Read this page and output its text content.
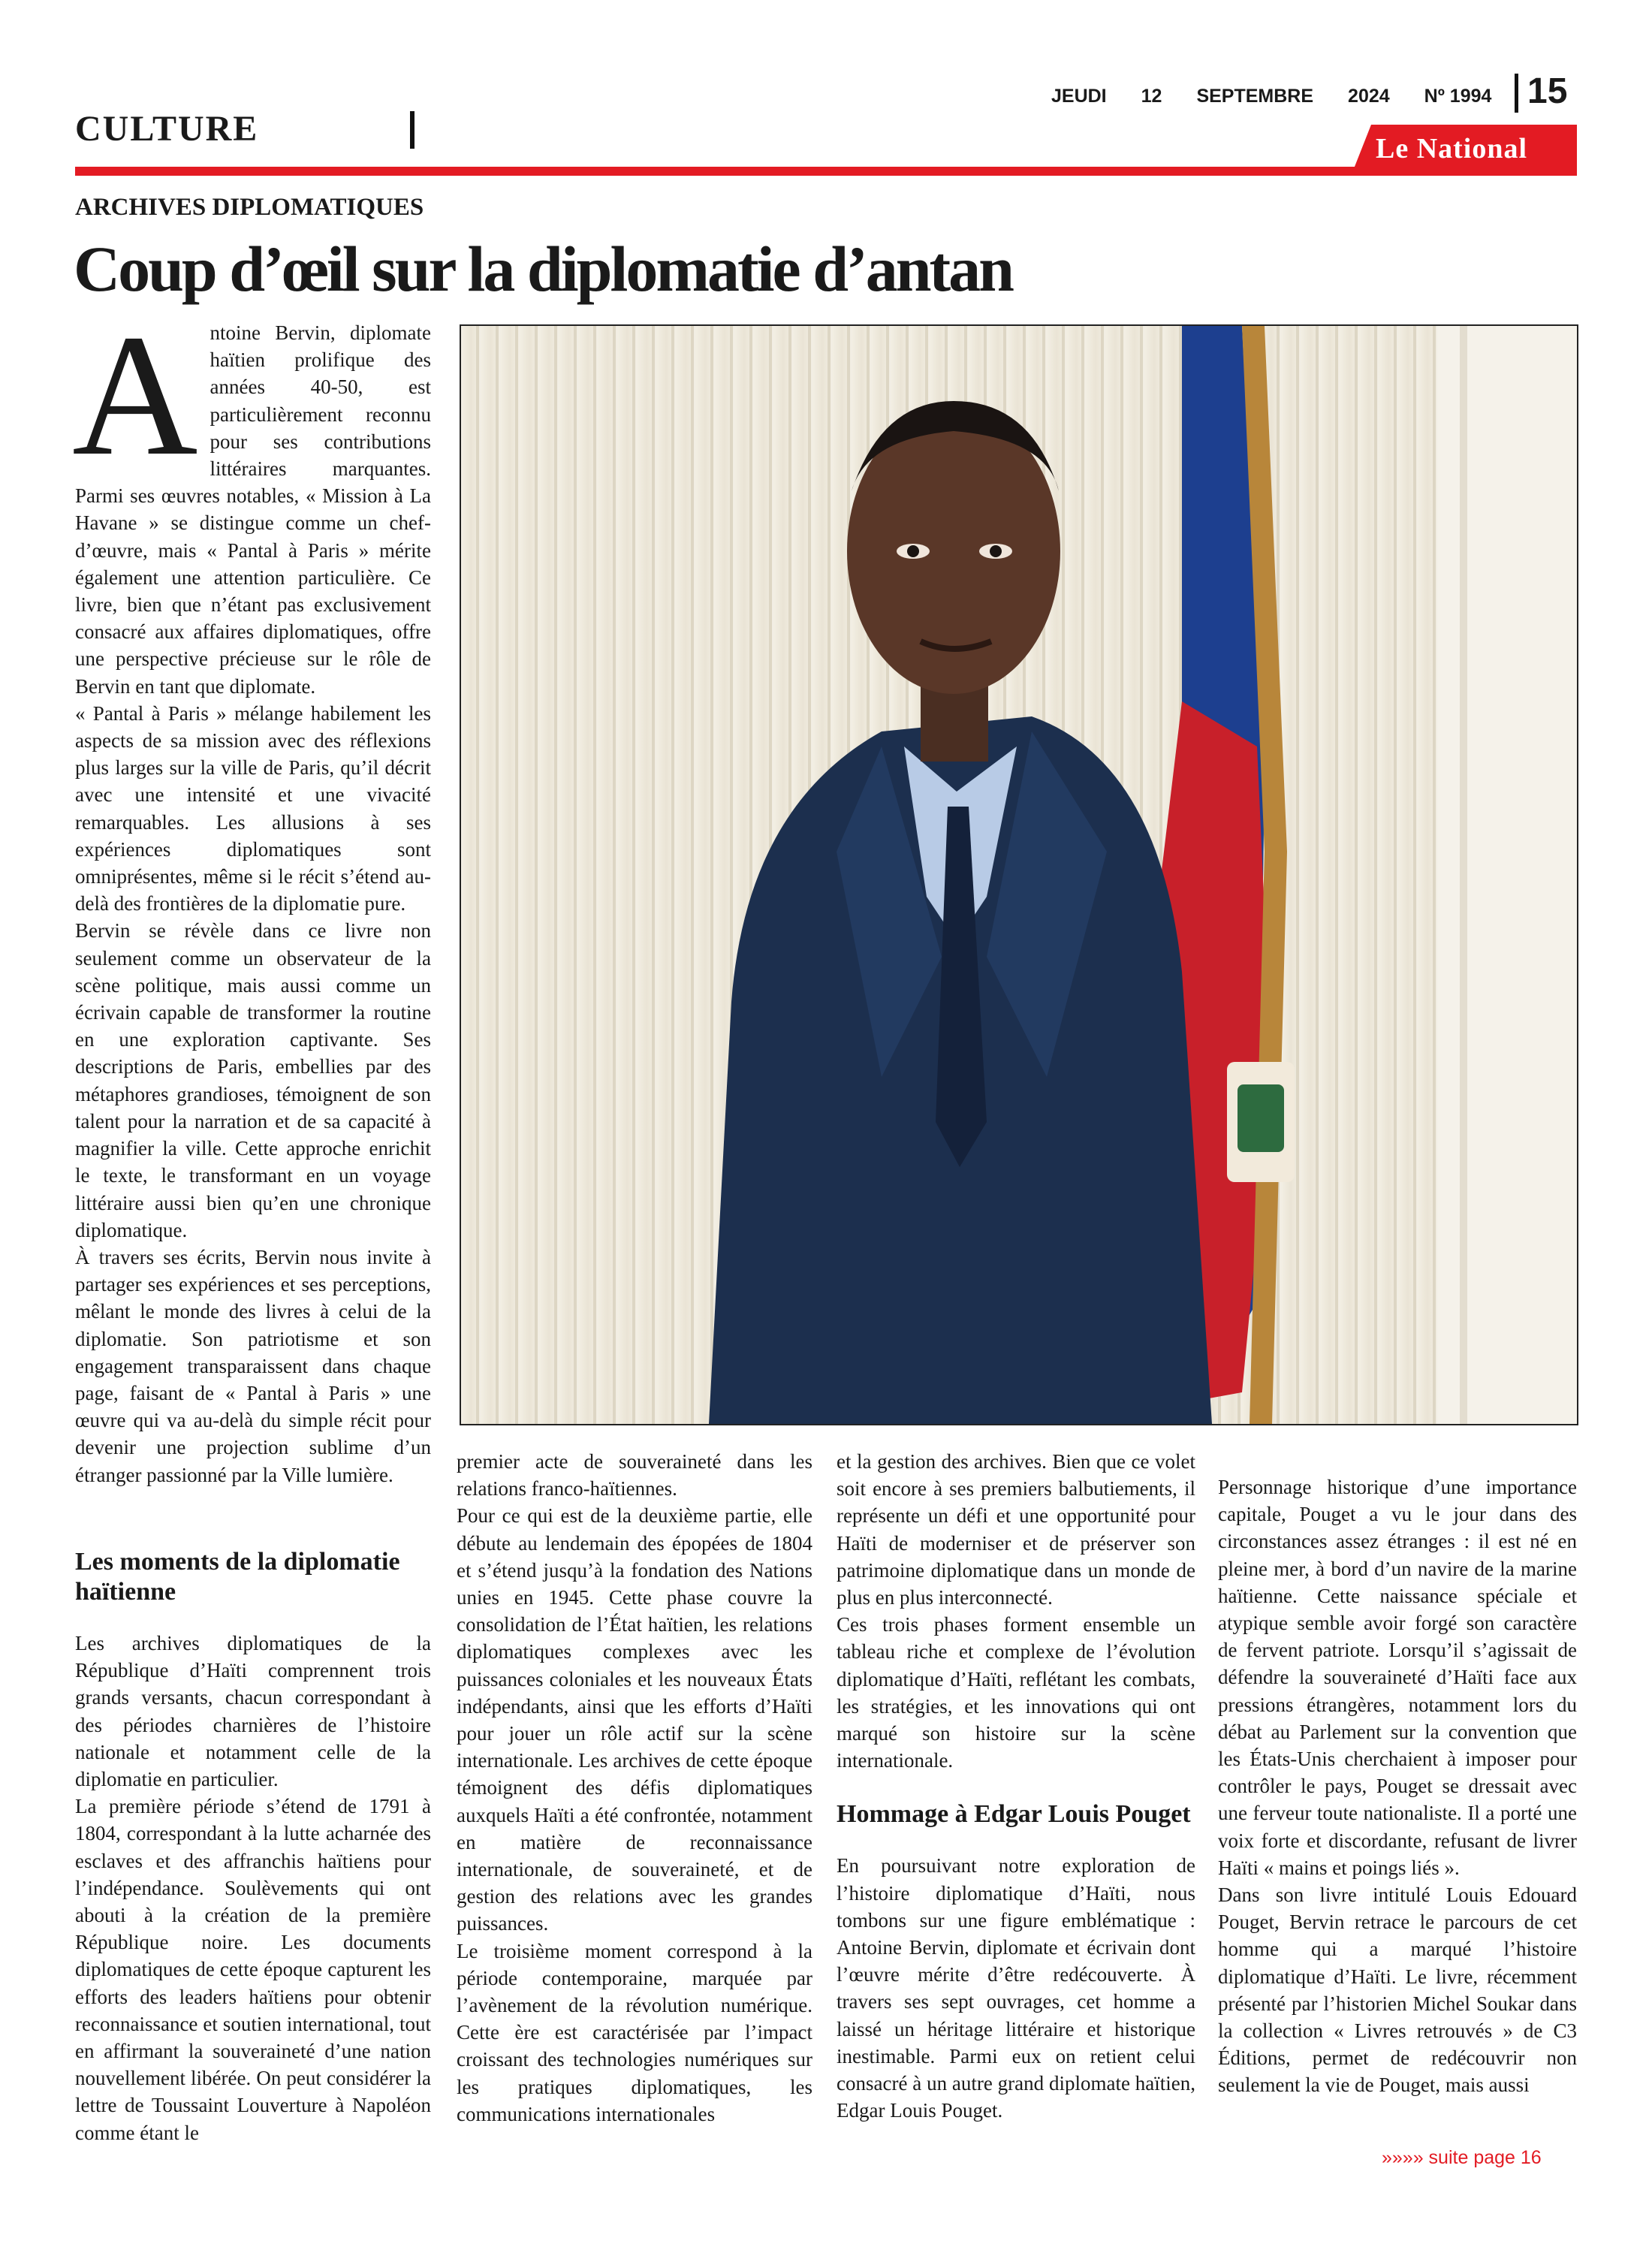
CULTURE
JEUDI 12 SEPTEMBRE 2024 Nº 1994 15
Le National
ARCHIVES DIPLOMATIQUES
Coup d’œil sur la diplomatie d’antan

Antoine Bervin, diplomate haïtien prolifique des années 40-50, est particulièrement reconnu pour ses contributions littéraires marquantes. Parmi ses œuvres notables, « Mission à La Havane » se distingue comme un chef-d’œuvre, mais « Pantal à Paris » mérite également une attention particulière. Ce livre, bien que n’étant pas exclusivement consacré aux affaires diplomatiques, offre une perspective précieuse sur le rôle de Bervin en tant que diplomate.

« Pantal à Paris » mélange habilement les aspects de sa mission avec des réflexions plus larges sur la ville de Paris, qu’il décrit avec une intensité et une vivacité remarquables. Les allusions à ses expériences diplomatiques sont omniprésentes, même si le récit s’étend au-delà des frontières de la diplomatie pure.

Bervin se révèle dans ce livre non seulement comme un observateur de la scène politique, mais aussi comme un écrivain capable de transformer la routine en une exploration captivante. Ses descriptions de Paris, embellies par des métaphores grandioses, témoignent de son talent pour la narration et de sa capacité à magnifier la ville. Cette approche enrichit le texte, le transformant en un voyage littéraire aussi bien qu’en une chronique diplomatique.

À travers ses écrits, Bervin nous invite à partager ses expériences et ses perceptions, mêlant le monde des livres à celui de la diplomatie. Son patriotisme et son engagement transparaissent dans chaque page, faisant de « Pantal à Paris » une œuvre qui va au-delà du simple récit pour devenir une projection sublime d’un étranger passionné par la Ville lumière.

Les moments de la diplomatie haïtienne

Les archives diplomatiques de la République d’Haïti comprennent trois grands versants, chacun correspondant à des périodes charnières de l’histoire nationale et notamment celle de la diplomatie en particulier.

La première période s’étend de 1791 à 1804, correspondant à la lutte acharnée des esclaves et des affranchis haïtiens pour l’indépendance. Soulèvements qui ont abouti à la création de la première République noire. Les documents diplomatiques de cette époque capturent les efforts des leaders haïtiens pour obtenir reconnaissance et soutien international, tout en affirmant la souveraineté d’une nation nouvellement libérée. On peut considérer la lettre de Toussaint Louverture à Napoléon comme étant le

premier acte de souveraineté dans les relations franco-haïtiennes.

Pour ce qui est de la deuxième partie, elle débute au lendemain des épopées de 1804 et s’étend jusqu’à la fondation des Nations unies en 1945. Cette phase couvre la consolidation de l’État haïtien, les relations diplomatiques complexes avec les puissances coloniales et les nouveaux États indépendants, ainsi que les efforts d’Haïti pour jouer un rôle actif sur la scène internationale. Les archives de cette époque témoignent des défis diplomatiques auxquels Haïti a été confrontée, notamment en matière de reconnaissance internationale, de souveraineté, et de gestion des relations avec les grandes puissances.

Le troisième moment correspond à la période contemporaine, marquée par l’avènement de la révolution numérique. Cette ère est caractérisée par l’impact croissant des technologies numériques sur les pratiques diplomatiques, les communications internationales

et la gestion des archives. Bien que ce volet soit encore à ses premiers balbutiements, il représente un défi et une opportunité pour Haïti de moderniser et de préserver son patrimoine diplomatique dans un monde de plus en plus interconnecté.

Ces trois phases forment ensemble un tableau riche et complexe de l’évolution diplomatique d’Haïti, reflétant les combats, les stratégies, et les innovations qui ont marqué son histoire sur la scène internationale.

Hommage à Edgar Louis Pouget

En poursuivant notre exploration de l’histoire diplomatique d’Haïti, nous tombons sur une figure emblématique : Antoine Bervin, diplomate et écrivain dont l’œuvre mérite d’être redécouverte. À travers ses sept ouvrages, cet homme a laissé un héritage littéraire et historique inestimable. Parmi eux on retient celui consacré à un autre grand diplomate haïtien, Edgar Louis Pouget.

Personnage historique d’une importance capitale, Pouget a vu le jour dans des circonstances assez étranges : il est né en pleine mer, à bord d’un navire de la marine haïtienne. Cette naissance spéciale et atypique semble avoir forgé son caractère de fervent patriote. Lorsqu’il s’agissait de défendre la souveraineté d’Haïti face aux pressions étrangères, notamment lors du débat au Parlement sur la convention que les États-Unis cherchaient à imposer pour contrôler le pays, Pouget se dressait avec une ferveur toute nationaliste. Il a porté une voix forte et discordante, refusant de livrer Haïti « mains et poings liés ».

Dans son livre intitulé Louis Edouard Pouget, Bervin retrace le parcours de cet homme qui a marqué l’histoire diplomatique d’Haïti. Le livre, récemment présenté par l’historien Michel Soukar dans la collection « Livres retrouvés » de C3 Éditions, permet de redécouvrir non seulement la vie de Pouget, mais aussi

»»»» suite page 16
